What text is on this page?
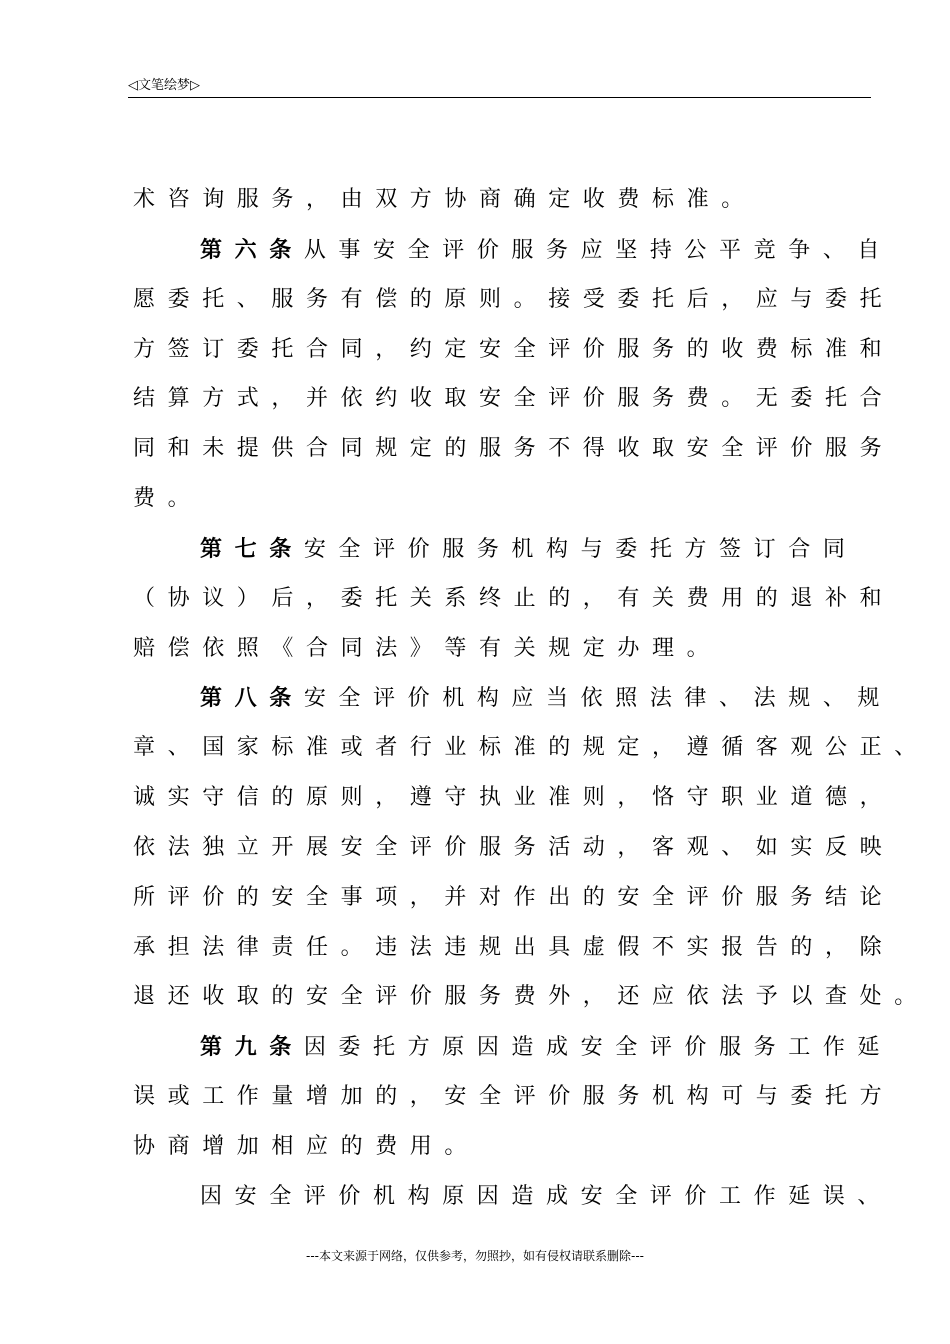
◁文笔绘梦▷
术咨询服务，由双方协商确定收费标准。
第六条从事安全评价服务应坚持公平竞争、自
愿委托、服务有偿的原则。接受委托后，应与委托
方签订委托合同，约定安全评价服务的收费标准和
结算方式，并依约收取安全评价服务费。无委托合
同和未提供合同规定的服务不得收取安全评价服务
费。
第七条安全评价服务机构与委托方签订合同
（协议）后，委托关系终止的，有关费用的退补和
赔偿依照《合同法》等有关规定办理。
第八条安全评价机构应当依照法律、法规、规
章、国家标准或者行业标准的规定，遵循客观公正、
诚实守信的原则，遵守执业准则，恪守职业道德，
依法独立开展安全评价服务活动，客观、如实反映
所评价的安全事项，并对作出的安全评价服务结论
承担法律责任。违法违规出具虚假不实报告的，除
退还收取的安全评价服务费外，还应依法予以查处。
第九条因委托方原因造成安全评价服务工作延
误或工作量增加的，安全评价服务机构可与委托方
协商增加相应的费用。
因安全评价机构原因造成安全评价工作延误、
---本文来源于网络，仅供参考，勿照抄，如有侵权请联系删除---
